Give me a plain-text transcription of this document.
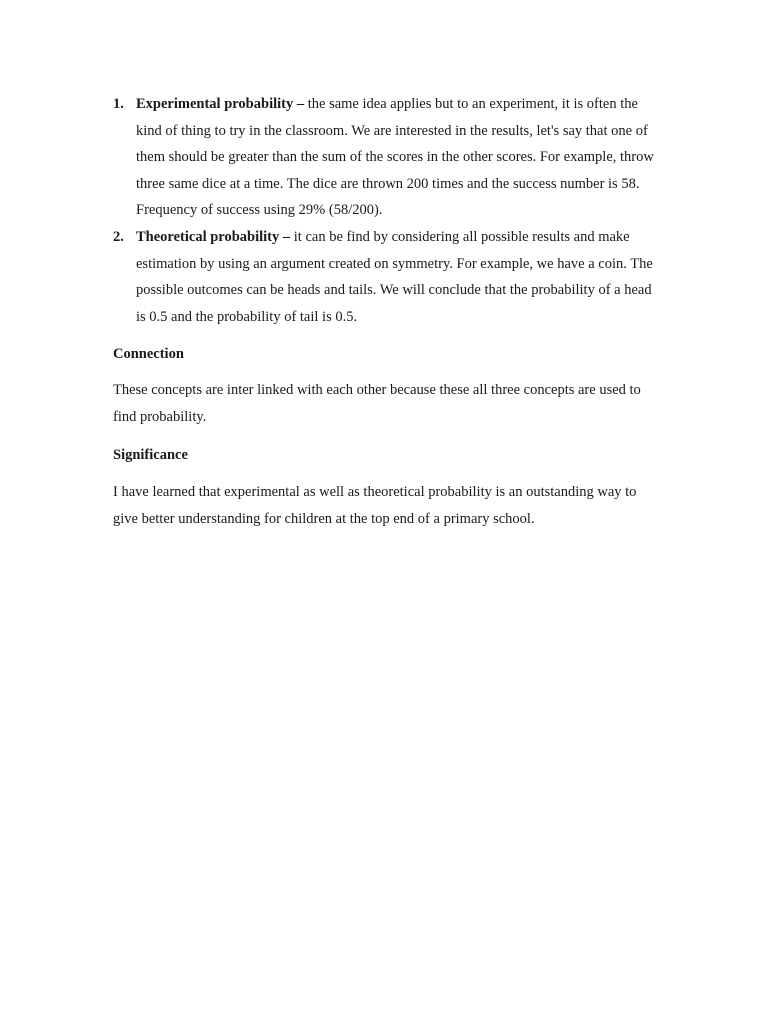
1. Experimental probability – the same idea applies but to an experiment, it is often the kind of thing to try in the classroom. We are interested in the results, let's say that one of them should be greater than the sum of the scores in the other scores. For example, throw three same dice at a time. The dice are thrown 200 times and the success number is 58. Frequency of success using 29% (58/200).
2. Theoretical probability – it can be find by considering all possible results and make estimation by using an argument created on symmetry. For example, we have a coin. The possible outcomes can be heads and tails. We will conclude that the probability of a head is 0.5 and the probability of tail is 0.5.

Connection

These concepts are inter linked with each other because these all three concepts are used to find probability.

Significance

I have learned that experimental as well as theoretical probability is an outstanding way to give better understanding for children at the top end of a primary school.
